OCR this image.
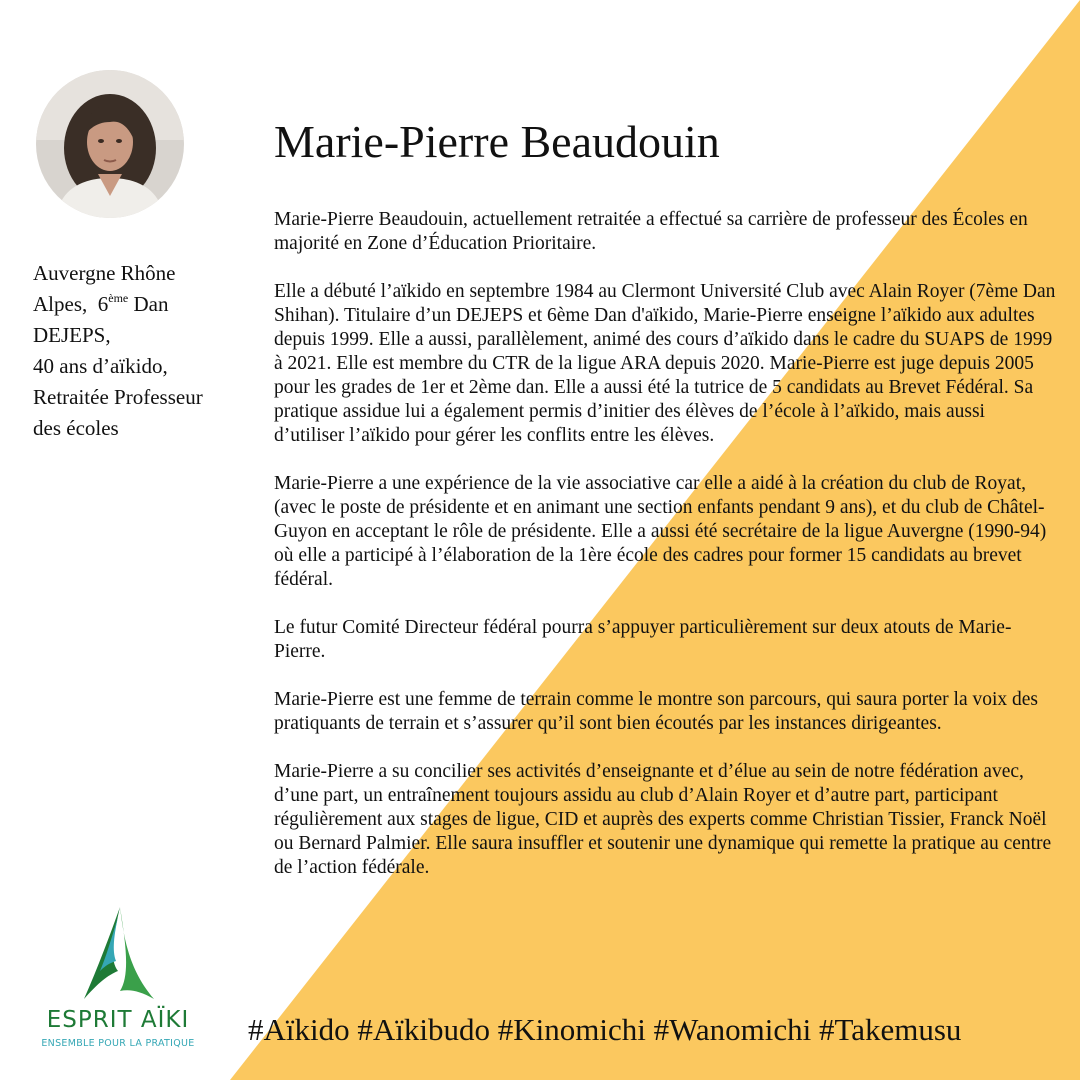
Auvergne Rhône
Alpes, 6ème Dan
DEJEPS,
40 ans d’aïkido,
Retraitée Professeur
des écoles
Marie-Pierre Beaudouin

Marie-Pierre Beaudouin, actuellement retraitée a effectué sa carrière de professeur des Écoles en majorité en Zone d’Éducation Prioritaire.

Elle a débuté l’aïkido en septembre 1984 au Clermont Université Club avec Alain Royer (7ème Dan Shihan). Titulaire d’un DEJEPS et 6ème Dan d'aïkido, Marie-Pierre enseigne l’aïkido aux adultes depuis 1999. Elle a aussi, parallèlement, animé des cours d’aïkido dans le cadre du SUAPS de 1999 à 2021. Elle est membre du CTR de la ligue ARA depuis 2020. Marie-Pierre est juge depuis 2005 pour les grades de 1er et 2ème dan. Elle a aussi été la tutrice de 5 candidats au Brevet Fédéral. Sa pratique assidue lui a également permis d’initier des élèves de l’école à l’aïkido, mais aussi d’utiliser l’aïkido pour gérer les conflits entre les élèves.

Marie-Pierre a une expérience de la vie associative car elle a aidé à la création du club de Royat, (avec le poste de présidente et en animant une section enfants pendant 9 ans), et du club de Châtel-Guyon en acceptant le rôle de présidente. Elle a aussi été secrétaire de la ligue Auvergne (1990-94) où elle a participé à l’élaboration de la 1ère école des cadres pour former 15 candidats au brevet fédéral.

Le futur Comité Directeur fédéral pourra s’appuyer particulièrement sur deux atouts de Marie-Pierre.

Marie-Pierre est une femme de terrain comme le montre son parcours, qui saura porter la voix des pratiquants de terrain et s’assurer qu’il sont bien écoutés par les instances dirigeantes.

Marie-Pierre a su concilier ses activités d’enseignante et d’élue au sein de notre fédération avec, d’une part, un entraînement toujours assidu au club d’Alain Royer et d’autre part, participant régulièrement aux stages de ligue, CID et auprès des experts comme Christian Tissier, Franck Noël ou Bernard Palmier. Elle saura insuffler et soutenir une dynamique qui remette la pratique au centre de l’action fédérale.

ESPRIT AÏKI
ENSEMBLE POUR LA PRATIQUE	#Aïkido #Aïkibudo #Kinomichi #Wanomichi #Takemusu
